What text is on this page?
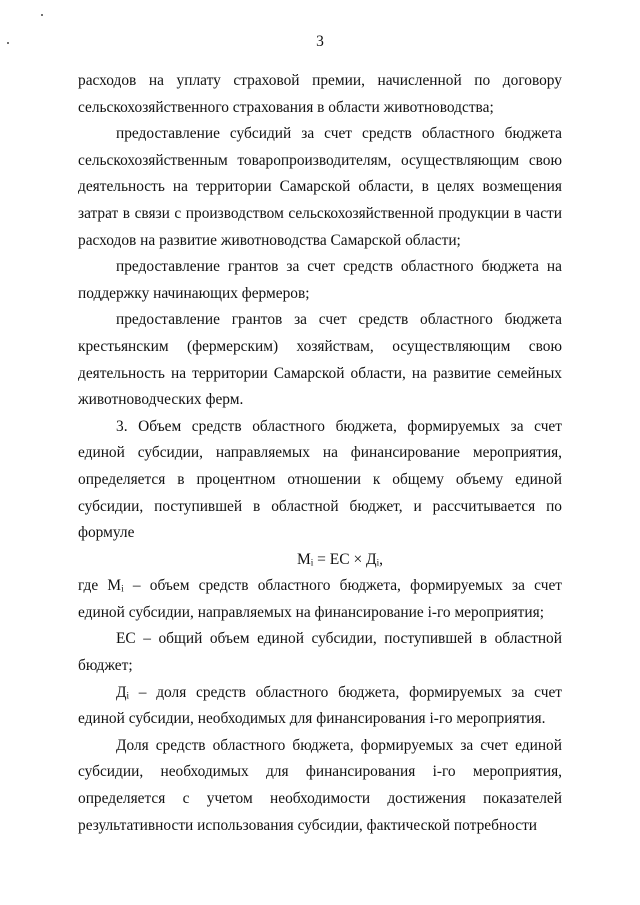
3

расходов на уплату страховой премии, начисленной по договору сельскохозяйственного страхования в области животноводства;

предоставление субсидий за счет средств областного бюджета сельскохозяйственным товаропроизводителям, осуществляющим свою деятельность на территории Самарской области, в целях возмещения затрат в связи с производством сельскохозяйственной продукции в части расходов на развитие животноводства Самарской области;

предоставление грантов за счет средств областного бюджета на поддержку начинающих фермеров;

предоставление грантов за счет средств областного бюджета крестьянским (фермерским) хозяйствам, осуществляющим свою деятельность на территории Самарской области, на развитие семейных животноводческих ферм.

3. Объем средств областного бюджета, формируемых за счет единой субсидии, направляемых на финансирование мероприятия, определяется в процентном отношении к общему объему единой субсидии, поступившей в областной бюджет, и рассчитывается по формуле

Mᵢ = EC × Дᵢ,

где Mᵢ – объем средств областного бюджета, формируемых за счет единой субсидии, направляемых на финансирование i-го мероприятия;

ЕС – общий объем единой субсидии, поступившей в областной бюджет;

Дᵢ – доля средств областного бюджета, формируемых за счет единой субсидии, необходимых для финансирования i-го мероприятия.

Доля средств областного бюджета, формируемых за счет единой субсидии, необходимых для финансирования i-го мероприятия, определяется с учетом необходимости достижения показателей результативности использования субсидии, фактической потребности
